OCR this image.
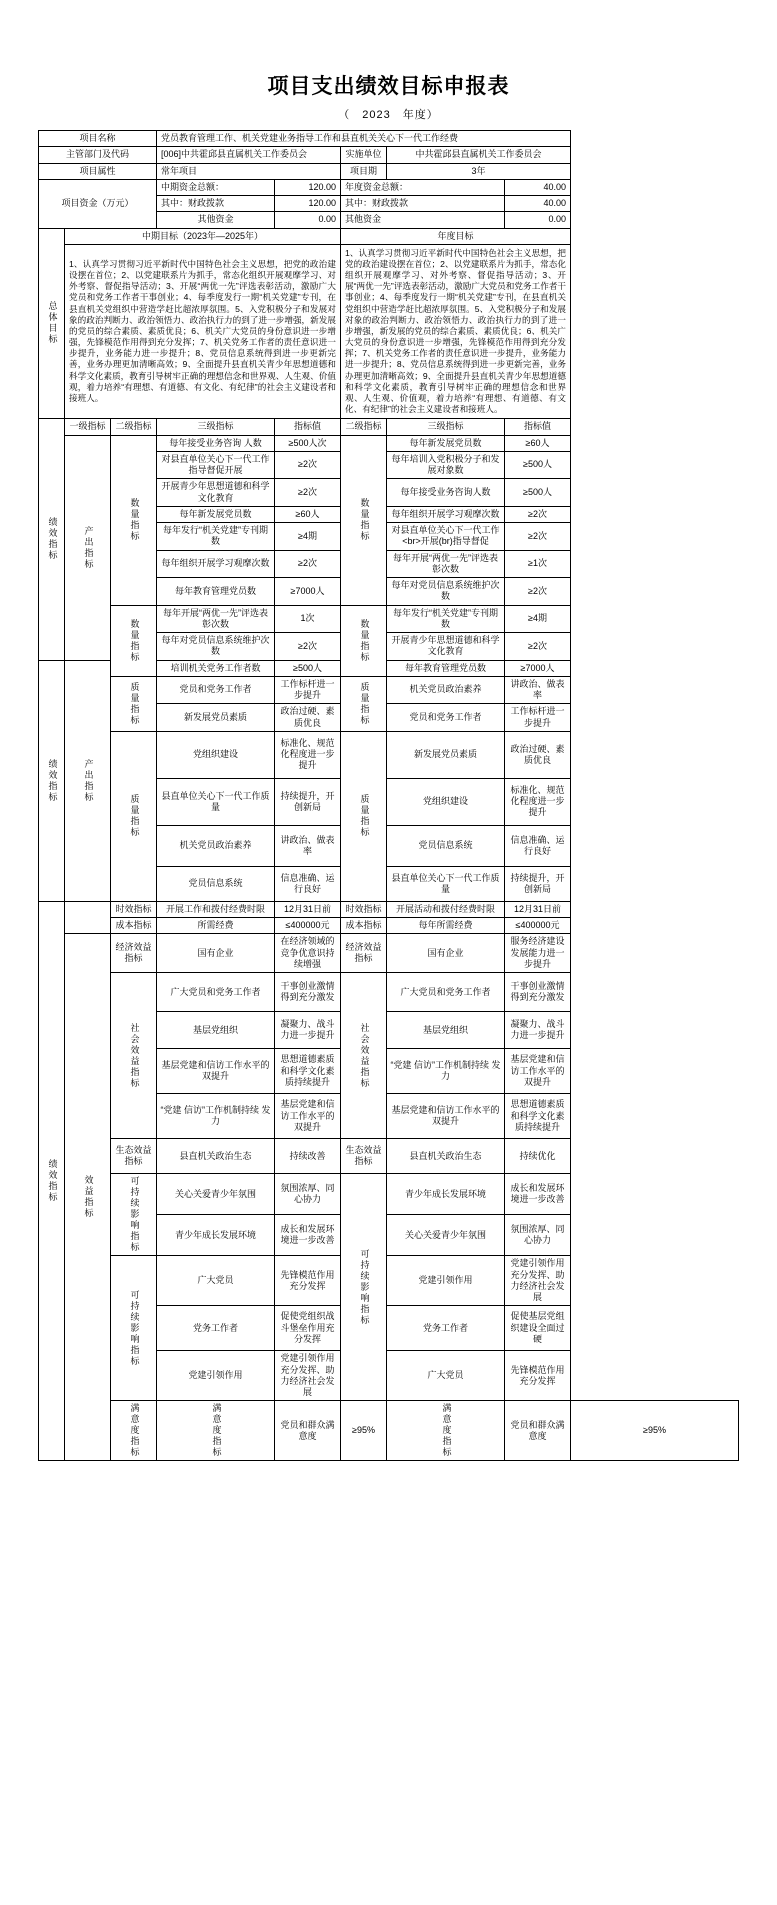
项目支出绩效目标申报表
（　2023　年度）
项目名称			党员教育管理工作、机关党建业务指导工作和县直机关关心下一代工作经费					
主管部门及代码			[006]中共霍邱县直属机关工作委员会		实施单位	中共霍邱县直属机关工作委员会		
项目属性			常年项目		项目期	3年		
项目资金（万元）			中期资金总额：	120.00	年度资金总额：		40.00	
			其中：财政拨款	120.00	其中：财政拨款		40.00	
			其他资金	0.00	其他资金		0.00	

总体目标	中期目标（2023年—2025年）				年度目标			
1、认真学习贯彻习近平新时代中国特色社会主义思想，把党的政治建设摆在首位；2、以党建联系片为抓手，常态化组织开展观摩学习、对外考察、督促指导活动；3、开展“两优一先”评选表彰活动，激励广大党员和党务工作者干事创业；4、每季度发行一期“机关党建”专刊，在县直机关党组织中营造学赶比超浓厚氛围。5、入党积极分子和发展对象的政治判断力、政治领悟力、政治执行力的到了进一步增强，新发展的党员的综合素质、素质优良；6、机关广大党员的身份意识进一步增强，先锋模范作用得到充分发挥；7、机关党务工作者的责任意识进一步提升，业务能力进一步提升；8、党员信息系统得到进一步更新完善，业务办理更加清晰高效；9、全面提升县直机关青少年思想道德和科学文化素质，教育引导树牢正确的理想信念和世界观、人生观、价值观，着力培养“有理想、有道德、有文化、有纪律”的社会主义建设者和接班人。	1、认真学习贯彻习近平新时代中国特色社会主义思想，把党的政治建设摆在首位；2、以党建联系片为抓手，常态化组织开展观摩学习、对外考察、督促指导活动；3、开展“两优一先”评选表彰活动，激励广大党员和党务工作者干事创业；4、每季度发行一期“机关党建”专刊，在县直机关党组织中营造学赶比超浓厚氛围。5、入党积极分子和发展对象的政治判断力、政治领悟力、政治执行力的到了进一步增强，新发展的党员的综合素质、素质优良；6、机关广大党员的身份意识进一步增强，先锋模范作用得到充分发挥；7、机关党务工作者的责任意识进一步提升，业务能力进一步提升；8、党员信息系统得到进一步更新完善，业务办理更加清晰高效；9、全面提升县直机关青少年思想道德和科学文化素质，教育引导树牢正确的理想信念和世界观、人生观、价值观，着力培养“有理想、有道德、有文化、有纪律”的社会主义建设者和接班人。

绩效指标	一级指标	二级指标	三级指标	指标值	二级指标	三级指标	指标值	

	产出指标	数量指标	每年接受业务咨询 人数	≥500人次	数量指标	每年新发展党员数	≥60人	
			对县直单位关心下一代工作指导督促开展	≥2次		每年培训入党积极分子和发展对象数	≥500人	
			开展青少年思想道德和科学文化教育	≥2次		每年接受业务咨询人数	≥500人	
			每年新发展党员数	≥60人		每年组织开展学习观摩次数	≥2次	
			每年发行“机关党建”专刊期数	≥4期		对县直单位关心下一代工作<br>开展(br)指导督促	≥2次	
			每年组织开展学习观摩次数	≥2次		每年开展“两优一先”评选表彰次数	≥1次	
			每年教育管理党员数	≥7000人		每年对党员信息系统维护次数	≥2次	

		数量指标	每年开展“两优一先”评选表彰次数	1次	数量指标	每年发行“机关党建”专刊期数	≥4期	
			每年对党员信息系统维护次数	≥2次		开展青少年思想道德和科学文化教育	≥2次	

绩效指标	产出指标		培训机关党务工作者数	≥500人		每年教育管理党员数	≥7000人	

		质量指标	党员和党务工作者	工作标杆进一步提升	质量指标	机关党员政治素养	讲政治、做表率	
			新发展党员素质	政治过硬、素质优良		党员和党务工作者	工作标杆进一步提升	

		质量指标	党组织建设	标准化、规范化程度进一步提升	质量指标	新发展党员素质	政治过硬、素质优良	
			县直单位关心下一代工作质量	持续提升，开创新局		党组织建设	标准化、规范化程度进一步提升	
			机关党员政治素养	讲政治、做表率		党员信息系统	信息准确、运行良好	
			党员信息系统	信息准确、运行良好		县直单位关心下一代工作质量	持续提升，开创新局	

绩效指标		时效指标	开展工作和拨付经费时限	12月31日前	时效指标	开展活动和拨付经费时限	12月31日前	
		成本指标	所需经费	≤400000元	成本指标	每年所需经费	≤400000元	

	效益指标	经济效益指标	国有企业	在经济领域的竞争优意识持续增强	经济效益指标	国有企业	服务经济建设发展能力进一步提升	

		社会效益指标	广大党员和党务工作者	干事创业激情得到充分激发	社会效益指标	广大党员和党务工作者	干事创业激情得到充分激发	
			基层党组织	凝聚力、战斗力进一步提升		基层党组织	凝聚力、战斗力进一步提升	
			基层党建和信访工作水平的双提升	思想道德素质和科学文化素质持续提升		“党建 信访”工作机制持续 发力	基层党建和信访工作水平的双提升	
			“党建 信访”工作机制持续 发力	基层党建和信访工作水平的双提升		基层党建和信访工作水平的双提升	思想道德素质和科学文化素质持续提升	
		生态效益指标	县直机关政治生态	持续改善	生态效益指标	县直机关政治生态	持续优化	

		可持续影响指标	关心关爱青少年氛围	氛围浓厚、同心协力	可持续影响指标	青少年成长发展环境	成长和发展环境进一步改善	
			青少年成长发展环境	成长和发展环境进一步改善		关心关爱青少年氛围	氛围浓厚、同心协力	

		可持续影响指标	广大党员	先锋模范作用充分发挥		党建引领作用	党建引领作用充分发挥、助力经济社会发展	
			党务工作者	促使党组织战斗堡垒作用充分发挥		党务工作者	促使基层党组织建设全面过硬	
			党建引领作用	党建引领作用充分发挥、助力经济社会发展		广大党员	先锋模范作用充分发挥	

		满意度指标	满意度指标	党员和群众满意度	≥95%	满意度指标	党员和群众满意度	≥95%
